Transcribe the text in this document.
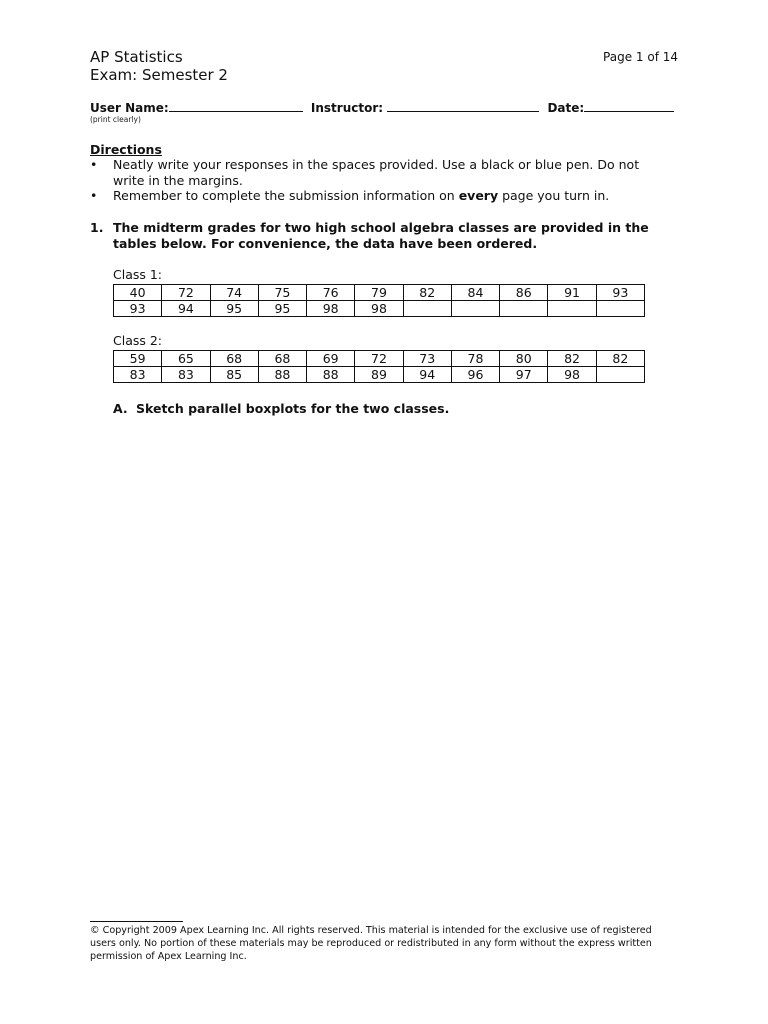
AP Statistics
Exam: Semester 2
Page 1 of 14
User Name:	Instructor:	Date:
(print clearly)
Directions
• Neatly write your responses in the spaces provided. Use a black or blue pen. Do not write in the margins.
• Remember to complete the submission information on every page you turn in.
1. The midterm grades for two high school algebra classes are provided in the tables below. For convenience, the data have been ordered.
Class 1:
40	72	74	75	76	79	82	84	86	91	93
93	94	95	95	98	98					
Class 2:
59	65	68	68	69	72	73	78	80	82	82
83	83	85	88	88	89	94	96	97	98	
A. Sketch parallel boxplots for the two classes.
© Copyright 2009 Apex Learning Inc. All rights reserved. This material is intended for the exclusive use of registered users only. No portion of these materials may be reproduced or redistributed in any form without the express written permission of Apex Learning Inc.
